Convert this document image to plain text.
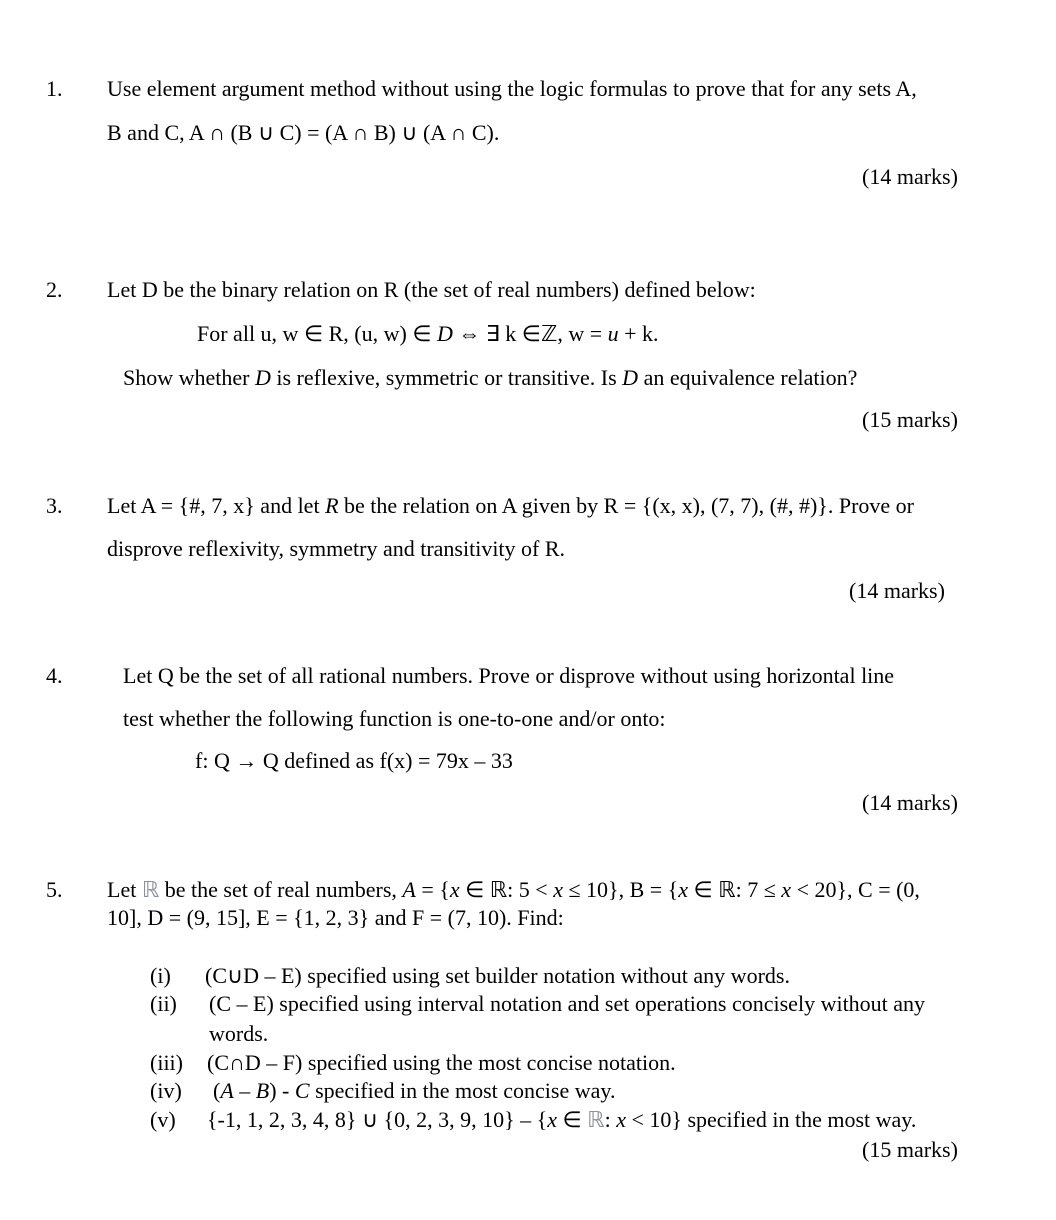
1. Use element argument method without using the logic formulas to prove that for any sets A,
B and C, A ∩ (B ∪ C) = (A ∩ B) ∪ (A ∩ C).
(14 marks)
2. Let D be the binary relation on R (the set of real numbers) defined below:
For all u, w ∈ R, (u, w) ∈ D ⇔ ∃ k ∈ℤ, w = u + k.
Show whether D is reflexive, symmetric or transitive. Is D an equivalence relation?
(15 marks)
3. Let A = {#, 7, x} and let R be the relation on A given by R = {(x, x), (7, 7), (#, #)}. Prove or
disprove reflexivity, symmetry and transitivity of R.
(14 marks)
4.	Let Q be the set of all rational numbers. Prove or disprove without using horizontal line
test whether the following function is one-to-one and/or onto:
f: Q → Q defined as f(x) = 79x – 33
(14 marks)
5. Let ℝ be the set of real numbers, A = {x ∈ ℝ: 5 < x ≤ 10}, B = {x ∈ ℝ: 7 ≤ x < 20}, C = (0,
10], D = (9, 15], E = {1, 2, 3} and F = (7, 10). Find:
(i) (C∪D – E) specified using set builder notation without any words.
(ii) (C – E) specified using interval notation and set operations concisely without any
words.
(iii) (C∩D – F) specified using the most concise notation.
(iv) (A – B) - C specified in the most concise way.
(v) {-1, 1, 2, 3, 4, 8} ∪ {0, 2, 3, 9, 10} – {x ∈ ℝ: x < 10} specified in the most way.
(15 marks)
